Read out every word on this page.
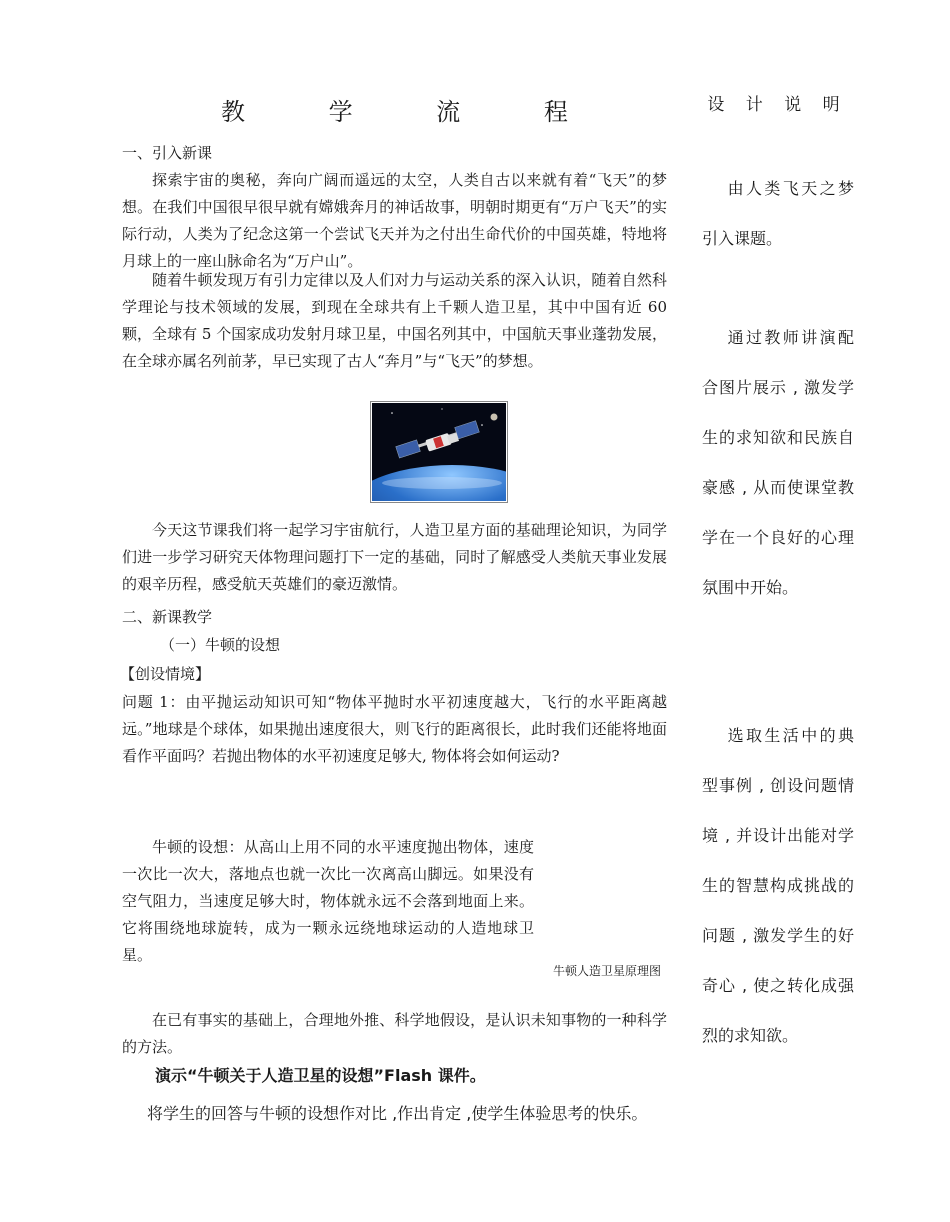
教 学 流 程	设 计 说 明
一、引入新课
探索宇宙的奥秘，奔向广阔而遥远的太空，人类自古以来就有着“飞天”的梦想。在我们中国很早很早就有嫦娥奔月的神话故事，明朝时期更有“万户飞天”的实际行动，人类为了纪念这第一个尝试飞天并为之付出生命代价的中国英雄，特地将月球上的一座山脉命名为“万户山”。
随着牛顿发现万有引力定律以及人们对力与运动关系的深入认识，随着自然科学理论与技术领域的发展，到现在全球共有上千颗人造卫星，其中中国有近 60 颗，全球有 5 个国家成功发射月球卫星，中国名列其中，中国航天事业蓬勃发展，在全球亦属名列前茅，早已实现了古人“奔月”与“飞天”的梦想。
今天这节课我们将一起学习宇宙航行，人造卫星方面的基础理论知识，为同学们进一步学习研究天体物理问题打下一定的基础，同时了解感受人类航天事业发展的艰辛历程，感受航天英雄们的豪迈激情。
二、新课教学
（一）牛顿的设想
【创设情境】
问题 1：由平抛运动知识可知“物体平抛时水平初速度越大，飞行的水平距离越远。”地球是个球体，如果抛出速度很大，则飞行的距离很长，此时我们还能将地面看作平面吗？若抛出物体的水平初速度足够大, 物体将会如何运动?
牛顿的设想：从高山上用不同的水平速度抛出物体，速度一次比一次大，落地点也就一次比一次离高山脚远。如果没有空气阻力，当速度足够大时，物体就永远不会落到地面上来。它将围绕地球旋转，成为一颗永远绕地球运动的人造地球卫星。
牛顿人造卫星原理图
在已有事实的基础上，合理地外推、科学地假设，是认识未知事物的一种科学的方法。
演示“牛顿关于人造卫星的设想”Flash 课件。
将学生的回答与牛顿的设想作对比 ,作出肯定 ,使学生体验思考的快乐。
由人类飞天之梦引入课题。
通过教师讲演配合图片展示 , 激发学生的求知欲和民族自豪感 , 从而使课堂教学在一个良好的心理氛围中开始。
选取生活中的典型事例 , 创设问题情境 , 并设计出能对学生的智慧构成挑战的问题 , 激发学生的好奇心 , 使之转化成强烈的求知欲。
